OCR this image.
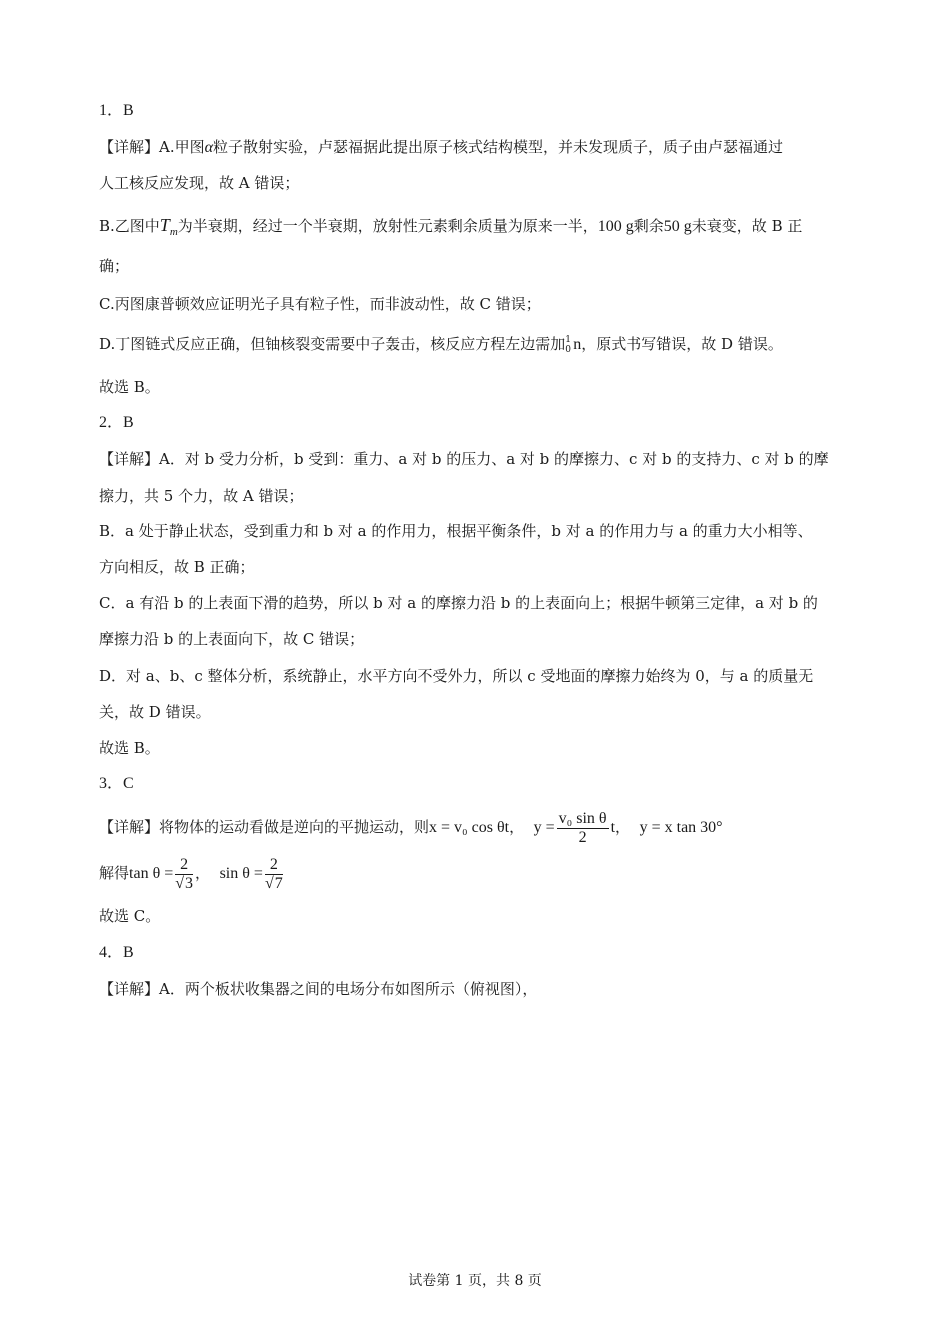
1．B
【详解】A.甲图α粒子散射实验，卢瑟福据此提出原子核式结构模型，并未发现质子，质子由卢瑟福通过
人工核反应发现，故 A 错误；
B.乙图中$T_m$为半衰期，经过一个半衰期，放射性元素剩余质量为原来一半，100 g剩余50 g未衰变，故 B 正
确；
C.丙图康普顿效应证明光子具有粒子性，而非波动性，故 C 错误；
D.丁图链式反应正确，但铀核裂变需要中子轰击，核反应方程左边需加 1
0 n，原式书写错误，故 D 错误。
故选 B。
2．B
【详解】A．对 b 受力分析，b 受到：重力、a 对 b 的压力、a 对 b 的摩擦力、c 对 b 的支持力、c 对 b 的摩
擦力，共 5 个力，故 A 错误；
B．a 处于静止状态，受到重力和 b 对 a 的作用力，根据平衡条件，b 对 a 的作用力与 a 的重力大小相等、
方向相反，故 B 正确；
C．a 有沿 b 的上表面下滑的趋势，所以 b 对 a 的摩擦力沿 b 的上表面向上；根据牛顿第三定律，a 对 b 的
摩擦力沿 b 的上表面向下，故 C 错误；
D．对 a、b、c 整体分析，系统静止，水平方向不受外力，所以 c 受地面的摩擦力始终为 0，与 a 的质量无
关，故 D 错误。
故选 B。
3．C
【详解】将物体的运动看做是逆向的平抛运动，则x = v₀ cos θt， $y = \frac{\text{v₀ sin θ}}{2}$ t， y = x tan 30°
解得$\tan \theta = \frac{2}{√3}$ ，  $\sin \theta = \frac{2}{√7}$
故选 C。
4．B
【详解】A．两个板状收集器之间的电场分布如图所示（俯视图），
试卷第 1 页，共 8 页
